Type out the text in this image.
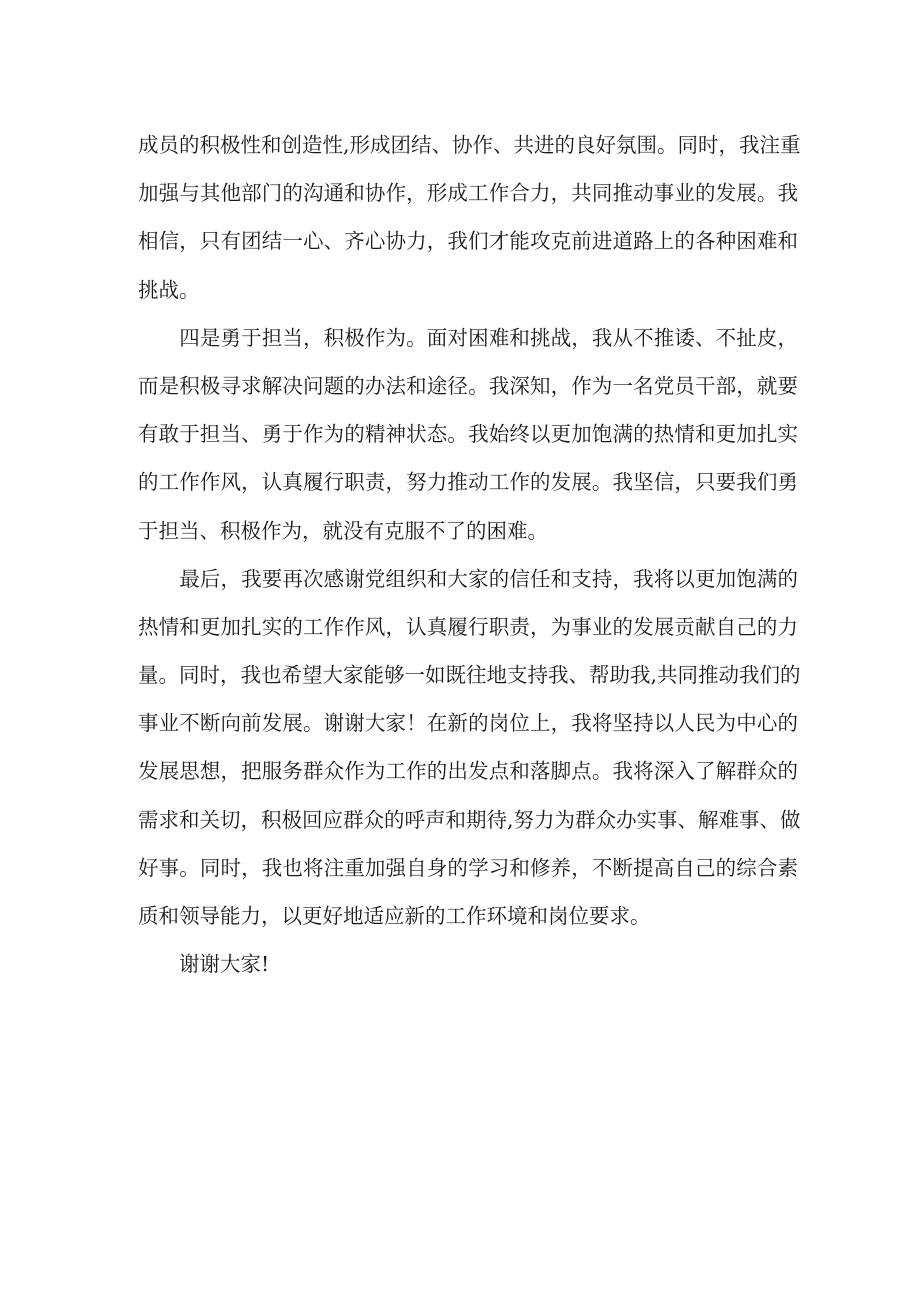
成员的积极性和创造性,形成团结、协作、共进的良好氛围。同时，我注重
加强与其他部门的沟通和协作，形成工作合力，共同推动事业的发展。我
相信，只有团结一心、齐心协力，我们才能攻克前进道路上的各种困难和
挑战。
　　四是勇于担当，积极作为。面对困难和挑战，我从不推诿、不扯皮，
而是积极寻求解决问题的办法和途径。我深知，作为一名党员干部，就要
有敢于担当、勇于作为的精神状态。我始终以更加饱满的热情和更加扎实
的工作作风，认真履行职责，努力推动工作的发展。我坚信，只要我们勇
于担当、积极作为，就没有克服不了的困难。
　　最后，我要再次感谢党组织和大家的信任和支持，我将以更加饱满的
热情和更加扎实的工作作风，认真履行职责，为事业的发展贡献自己的力
量。同时，我也希望大家能够一如既往地支持我、帮助我,共同推动我们的
事业不断向前发展。谢谢大家！在新的岗位上，我将坚持以人民为中心的
发展思想，把服务群众作为工作的出发点和落脚点。我将深入了解群众的
需求和关切，积极回应群众的呼声和期待,努力为群众办实事、解难事、做
好事。同时，我也将注重加强自身的学习和修养，不断提高自己的综合素
质和领导能力，以更好地适应新的工作环境和岗位要求。
　　谢谢大家!
